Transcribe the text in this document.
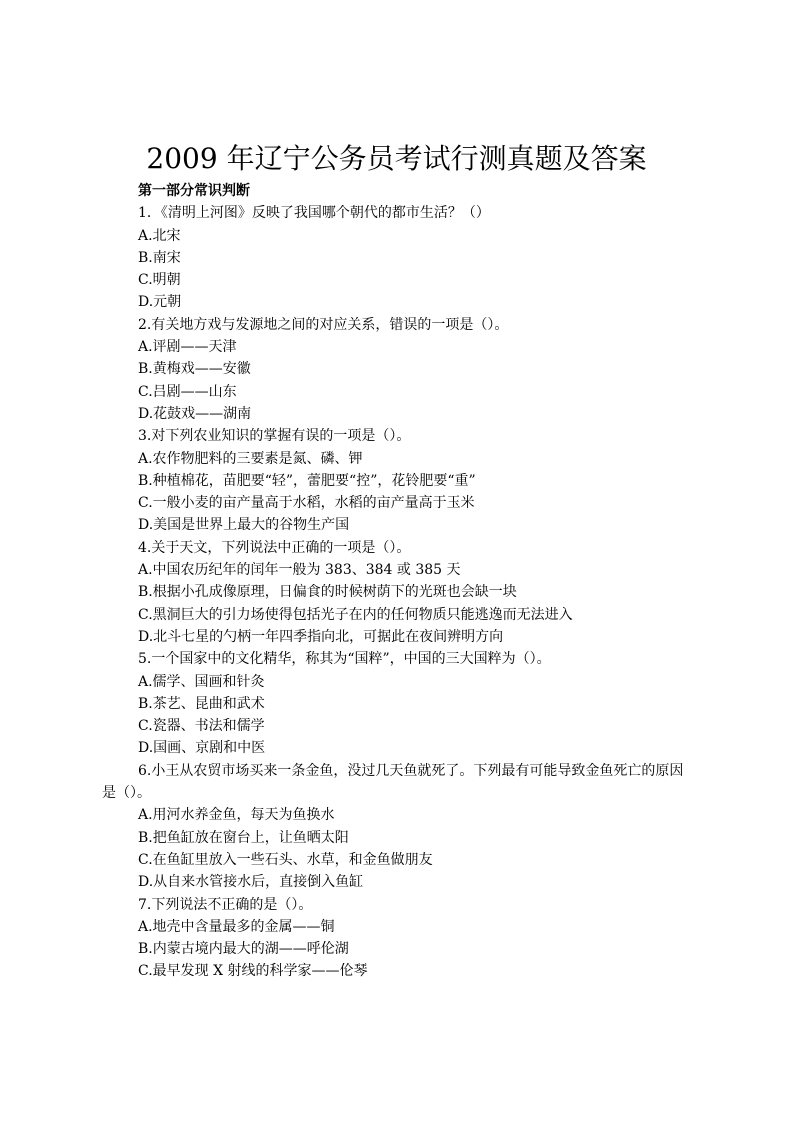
2009 年辽宁公务员考试行测真题及答案
第一部分常识判断
1．《清明上河图》反映了我国哪个朝代的都市生活？（）
A.北宋
B.南宋
C.明朝
D.元朝
2.有关地方戏与发源地之间的对应关系，错误的一项是（）。
A.评剧——天津
B.黄梅戏——安徽
C.吕剧——山东
D.花鼓戏——湖南
3.对下列农业知识的掌握有误的一项是（）。
A.农作物肥料的三要素是氮、磷、钾
B.种植棉花，苗肥要“轻”，蕾肥要“控”，花铃肥要“重”
C.一般小麦的亩产量高于水稻，水稻的亩产量高于玉米
D.美国是世界上最大的谷物生产国
4.关于天文，下列说法中正确的一项是（）。
A.中国农历纪年的闰年一般为 383、384 或 385 天
B.根据小孔成像原理，日偏食的时候树荫下的光斑也会缺一块
C.黑洞巨大的引力场使得包括光子在内的任何物质只能逃逸而无法进入
D.北斗七星的勺柄一年四季指向北，可据此在夜间辨明方向
5.一个国家中的文化精华，称其为“国粹”，中国的三大国粹为（）。
A.儒学、国画和针灸
B.茶艺、昆曲和武术
C.瓷器、书法和儒学
D.国画、京剧和中医
6.小王从农贸市场买来一条金鱼，没过几天鱼就死了。下列最有可能导致金鱼死亡的原因是（）。
A.用河水养金鱼，每天为鱼换水
B.把鱼缸放在窗台上，让鱼晒太阳
C.在鱼缸里放入一些石头、水草，和金鱼做朋友
D.从自来水管接水后，直接倒入鱼缸
7.下列说法不正确的是（）。
A.地壳中含量最多的金属——铜
B.内蒙古境内最大的湖——呼伦湖
C.最早发现 X 射线的科学家——伦琴
